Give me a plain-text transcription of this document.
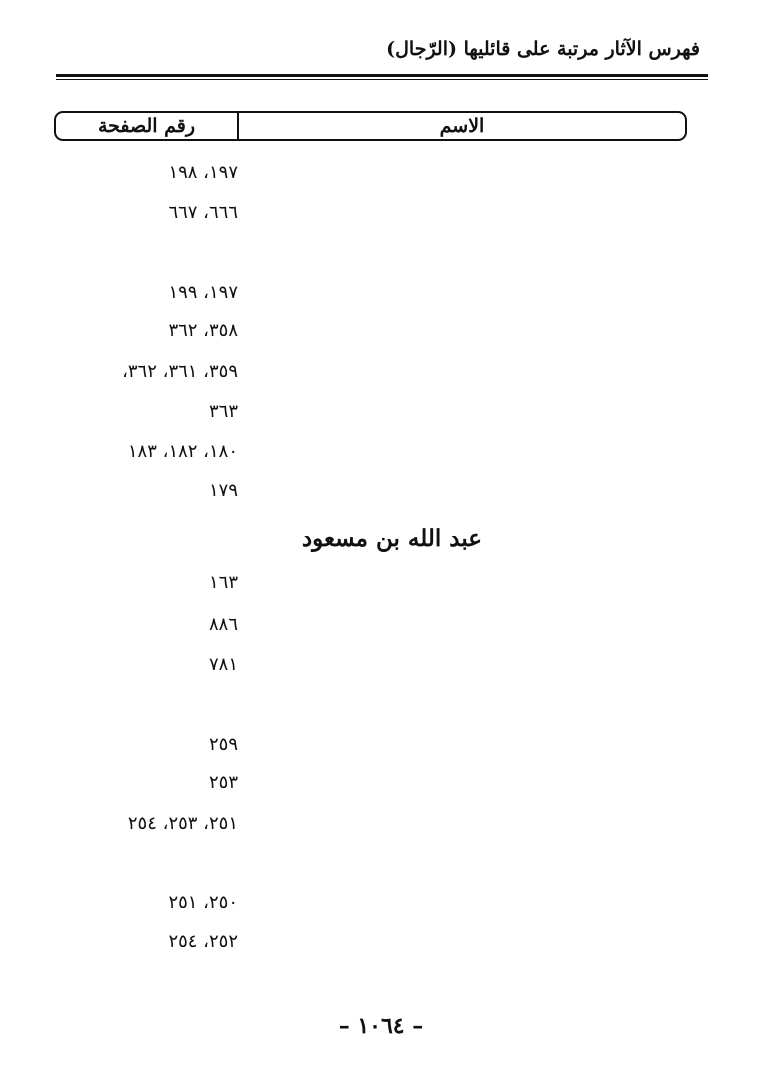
فهرس الآثار مرتبة على قائليها (الرّجال)
الاسم
رقم الصفحة
١٩٧، ١٩٨
٦٦٦، ٦٦٧
١٩٧، ١٩٩
٣٥٨، ٣٦٢
٣٥٩، ٣٦١، ٣٦٢،
٣٦٣
١٨٠، ١٨٢، ١٨٣
١٧٩
عبد الله بن مسعود
١٦٣
٨٨٦
٧٨١
٢٥٩
٢٥٣
٢٥١، ٢٥٣، ٢٥٤
٢٥٠، ٢٥١
٢٥٢، ٢٥٤
– ١٠٦٤ –
